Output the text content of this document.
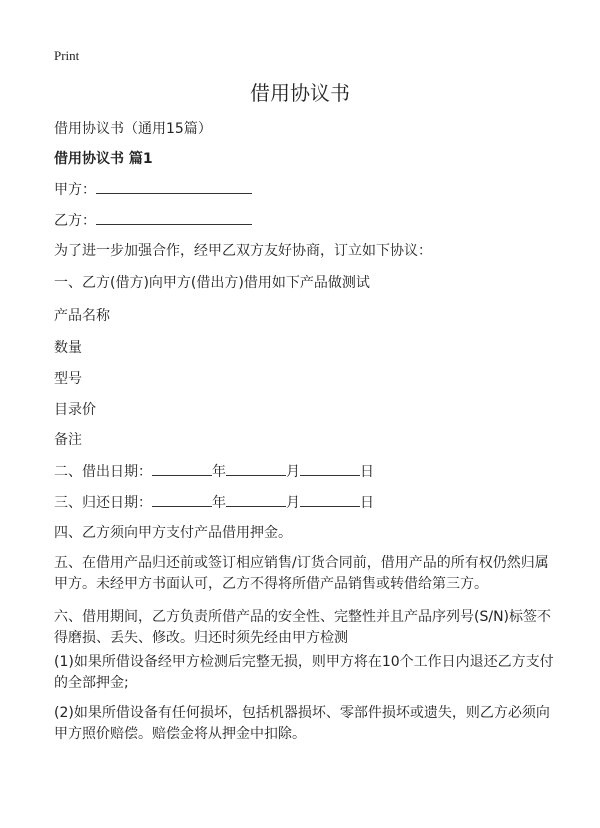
Print
借用协议书
借用协议书（通用15篇）
借用协议书 篇1
甲方：
乙方：
为了进一步加强合作，经甲乙双方友好协商，订立如下协议：
一、乙方(借方)向甲方(借出方)借用如下产品做测试
产品名称
数量
型号
目录价
备注
二、借出日期：	年	月	日
三、归还日期：	年	月	日
四、乙方须向甲方支付产品借用押金。
五、在借用产品归还前或签订相应销售/订货合同前，借用产品的所有权仍然归属甲方。未经甲方书面认可，乙方不得将所借产品销售或转借给第三方。
六、借用期间，乙方负责所借产品的安全性、完整性并且产品序列号(S/N)标签不得磨损、丢失、修改。归还时须先经由甲方检测
(1)如果所借设备经甲方检测后完整无损，则甲方将在10个工作日内退还乙方支付的全部押金;
(2)如果所借设备有任何损坏，包括机器损坏、零部件损坏或遗失，则乙方必须向甲方照价赔偿。赔偿金将从押金中扣除。
